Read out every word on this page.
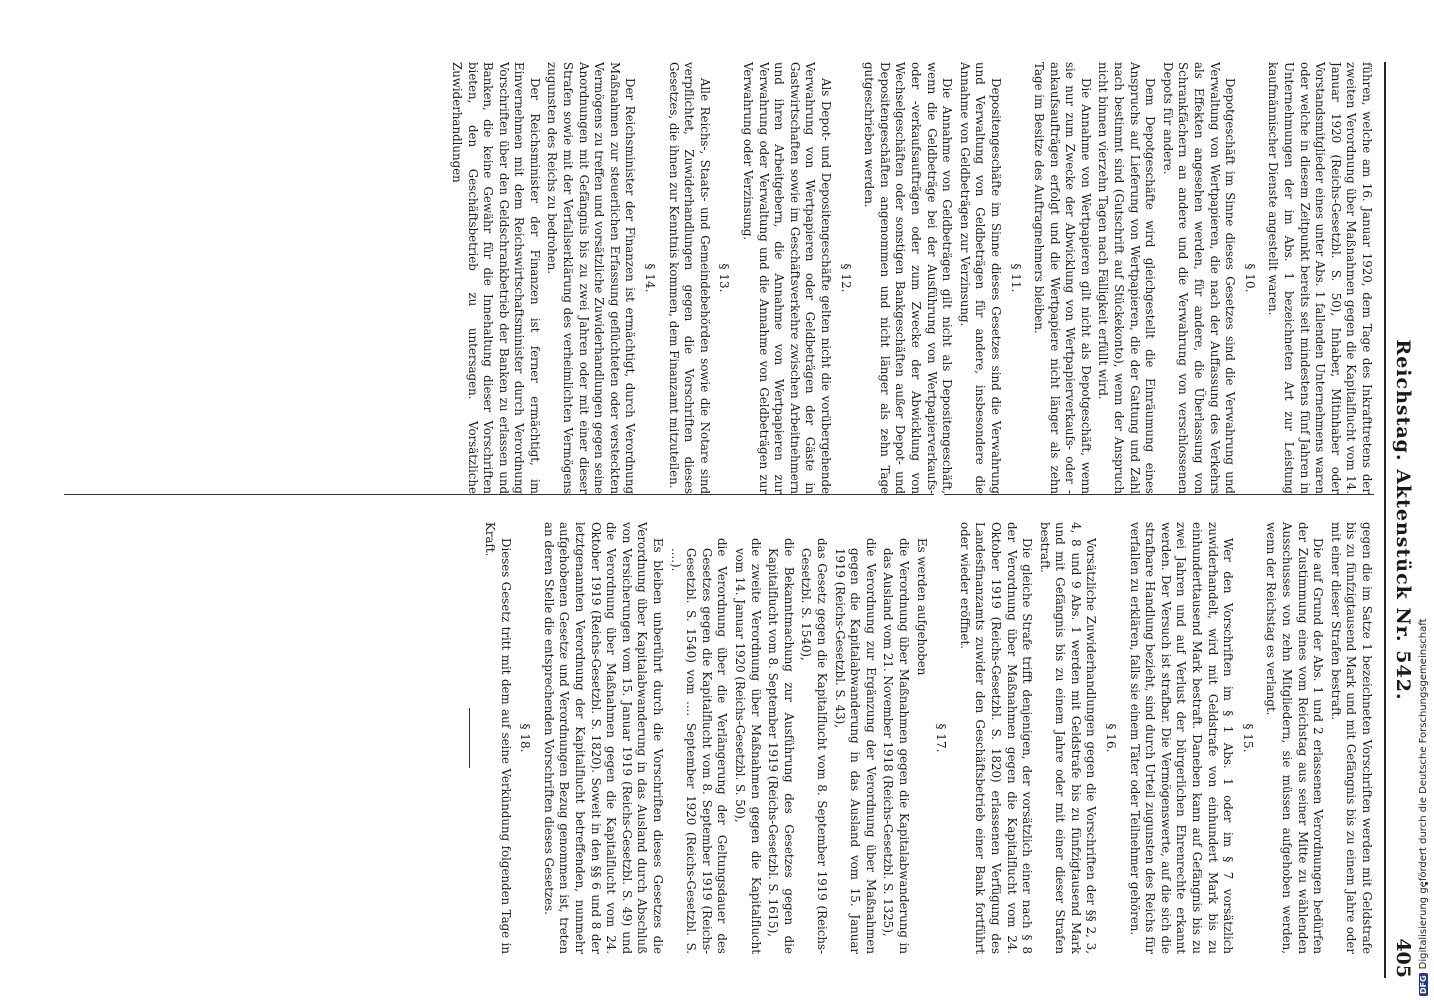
Reichstag. Aktenstück Nr. 542.
405

führen, welche am 16. Januar 1920, dem Tage des Inkrafttretens der zweiten Verordnung über Maßnahmen gegen die Kapitalflucht vom 14. Januar 1920 (Reichs-Gesetzbl. S. 50), Inhaber, Mitinhaber oder Vorstandsmitglieder eines unter Abs. 1 fallenden Unternehmens waren oder welche in diesem Zeitpunkt bereits seit mindestens fünf Jahren in Unternehmungen der im Abs. 1 bezeichneten Art zur Leistung kaufmännischer Dienste angestellt waren.

§ 10.

Depotgeschäft im Sinne dieses Gesetzes sind die Verwahrung und Verwaltung von Wertpapieren, die nach der Auffassung des Verkehrs als Effekten angesehen werden, für andere, die Überlassung von Schrankfächern an andere und die Verwahrung von verschlossenen Depots für andere.

Dem Depotgeschäfte wird gleichgestellt die Einräumung eines Anspruchs auf Lieferung von Wertpapieren, die der Gattung und Zahl nach bestimmt sind (Gutschrift auf Stückekonto), wenn der Anspruch nicht binnen vierzehn Tagen nach Fälligkeit erfüllt wird.

Die Annahme von Wertpapieren gilt nicht als Depotgeschäft, wenn sie nur zum Zwecke der Abwicklung von Wertpapierverkaufs- oder -ankaufsaufträgen erfolgt und die Wertpapiere nicht länger als zehn Tage im Besitze des Auftragnehmers bleiben.

§ 11.

Depositengeschäfte im Sinne dieses Gesetzes sind die Verwahrung und Verwaltung von Geldbeträgen für andere, insbesondere die Annahme von Geldbeträgen zur Verzinsung.

Die Annahme von Geldbeträgen gilt nicht als Depositengeschäft, wenn die Geldbeträge bei der Ausführung von Wertpapierverkaufs- oder -verkaufsaufträgen oder zum Zwecke der Abwicklung von Wechselgeschäften oder sonstigen Bankgeschäften außer Depot- und Depositengeschäften angenommen und nicht länger als zehn Tage gutgeschrieben werden.

§ 12.

Als Depot- und Depositengeschäfte gelten nicht die vorübergehende Verwahrung von Wertpapieren oder Geldbeträgen der Gäste in Gastwirtschaften sowie im Geschäftsverkehre zwischen Arbeitnehmern und ihren Arbeitgebern, die Annahme von Wertpapieren zur Verwahrung oder Verwaltung und die Annahme von Geldbeträgen zur Verwahrung oder Verzinsung.

§ 13.

Alle Reichs-, Staats- und Gemeindebehörden sowie die Notare sind verpflichtet, Zuwiderhandlungen gegen die Vorschriften dieses Gesetzes, die ihnen zur Kenntnis kommen, dem Finanzamt mitzuteilen.

§ 14.

Der Reichsminister der Finanzen ist ermächtigt, durch Verordnung Maßnahmen zur steuerlichen Erfassung geflüchteten oder versteckten Vermögens zu treffen und vorsätzliche Zuwiderhandlungen gegen seine Anordnungen mit Gefängnis bis zu zwei Jahren oder mit einer dieser Strafen sowie mit der Verfallserklärung des verheimlichten Vermögens zugunsten des Reichs zu bedrohen.

Der Reichsminister der Finanzen ist ferner ermächtigt, im Einvernehmen mit dem Reichswirtschaftsminister durch Verordnung Vorschriften über den Geldschrankbetrieb der Banken zu erlassen und Banken, die keine Gewähr für die Innehaltung dieser Vorschriften bieten, den Geschäftsbetrieb zu untersagen. Vorsätzliche Zuwiderhandlungen

gegen die im Satze 1 bezeichneten Vorschriften werden mit Geldstrafe bis zu fünfzigtausend Mark und mit Gefängnis bis zu einem Jahre oder mit einer dieser Strafen bestraft.

Die auf Grund der Abs. 1 und 2 erlassenen Verordnungen bedürfen der Zustimmung eines vom Reichstag aus seiner Mitte zu wählenden Ausschusses von zehn Mitgliedern, sie müssen aufgehoben werden, wenn der Reichstag es verlangt.

§ 15.

Wer den Vorschriften im § 1 Abs. 1 oder im § 7 vorsätzlich zuwiderhandelt, wird mit Geldstrafe von einhundert Mark bis zu einhunderttausend Mark bestraft. Daneben kann auf Gefängnis bis zu zwei Jahren und auf Verlust der bürgerlichen Ehrenrechte erkannt werden. Der Versuch ist strafbar. Die Vermögenswerte, auf die sich die strafbare Handlung bezieht, sind durch Urteil zugunsten des Reichs für verfallen zu erklären, falls sie einem Täter oder Teilnehmer gehören.

§ 16.

Vorsätzliche Zuwiderhandlungen gegen die Vorschriften der §§ 2, 3, 4, 8 und 9 Abs. 1 werden mit Geldstrafe bis zu fünfzigtausend Mark und mit Gefängnis bis zu einem Jahre oder mit einer dieser Strafen bestraft.

Die gleiche Strafe trifft denjenigen, der vorsätzlich einer nach § 8 der Verordnung über Maßnahmen gegen die Kapitalflucht vom 24. Oktober 1919 (Reichs-Gesetzbl. S. 1820) erlassenen Verfügung des Landesfinanzamts zuwider den Geschäftsbetrieb einer Bank fortführt oder wieder eröffnet.

§ 17.

Es werden aufgehoben

die Verordnung über Maßnahmen gegen die Kapitalabwanderung in das Ausland vom 21. November 1918 (Reichs-Gesetzbl. S. 1325),

die Verordnung zur Ergänzung der Verordnung über Maßnahmen gegen die Kapitalabwanderung in das Ausland vom 15. Januar 1919 (Reichs-Gesetzbl. S. 43),

das Gesetz gegen die Kapitalflucht vom 8. September 1919 (Reichs-Gesetzbl. S. 1540),

die Bekanntmachung zur Ausführung des Gesetzes gegen die Kapitalflucht vom 8. September 1919 (Reichs-Gesetzbl. S. 1615),

die zweite Verordnung über Maßnahmen gegen die Kapitalflucht vom 14. Januar 1920 (Reichs-Gesetzbl. S. 50),

die Verordnung über die Verlängerung der Geltungsdauer des Gesetzes gegen die Kapitalflucht vom 8. September 1919 (Reichs-Gesetzbl. S. 1540) vom .... September 1920 (Reichs-Gesetzbl. S. ....).

Es bleiben unberührt durch die Vorschriften dieses Gesetzes die Verordnung über Kapitalabwanderung in das Ausland durch Abschluß von Versicherungen vom 15. Januar 1919 (Reichs-Gesetzbl. S. 49) und die Verordnung über Maßnahmen gegen die Kapitalflucht vom 24. Oktober 1919 (Reichs-Gesetzbl. S. 1820). Soweit in den §§ 6 und 8 der letztgenannten Verordnung der Kapitalflucht betreffenden, nunmehr aufgehobenen Gesetze und Verordnungen Bezug genommen ist, treten an deren Stelle die entsprechenden Vorschriften dieses Gesetzes.

§ 18.

Dieses Gesetz tritt mit dem auf seine Verkündung folgenden Tage in Kraft.

DFGDigitalisierung gefördert durch die Deutsche Forschungsgemeinschaft
